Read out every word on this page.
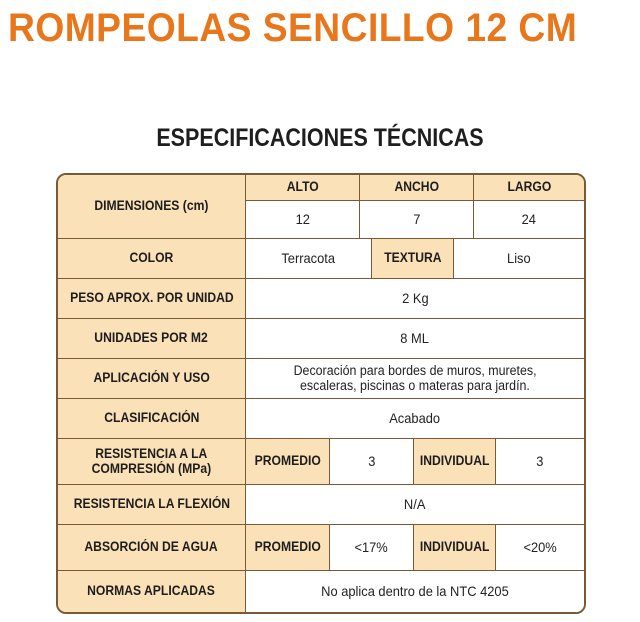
ROMPEOLAS SENCILLO 12 CM
ESPECIFICACIONES TÉCNICAS
DIMENSIONES (cm)
ALTO	ANCHO	LARGO
12	7	24
COLOR	Terracota	TEXTURA	Liso
PESO APROX. POR UNIDAD	2 Kg
UNIDADES POR M2	8 ML
APLICACIÓN Y USO	Decoración para bordes de muros, muretes,
escaleras, piscinas o materas para jardín.
CLASIFICACIÓN	Acabado
RESISTENCIA A LA
COMPRESIÓN (MPa)	PROMEDIO	3	INDIVIDUAL	3
RESISTENCIA LA FLEXIÓN	N/A
ABSORCIÓN DE AGUA	PROMEDIO <17% INDIVIDUAL <20%
NORMAS APLICADAS	No aplica dentro de la NTC 4205
